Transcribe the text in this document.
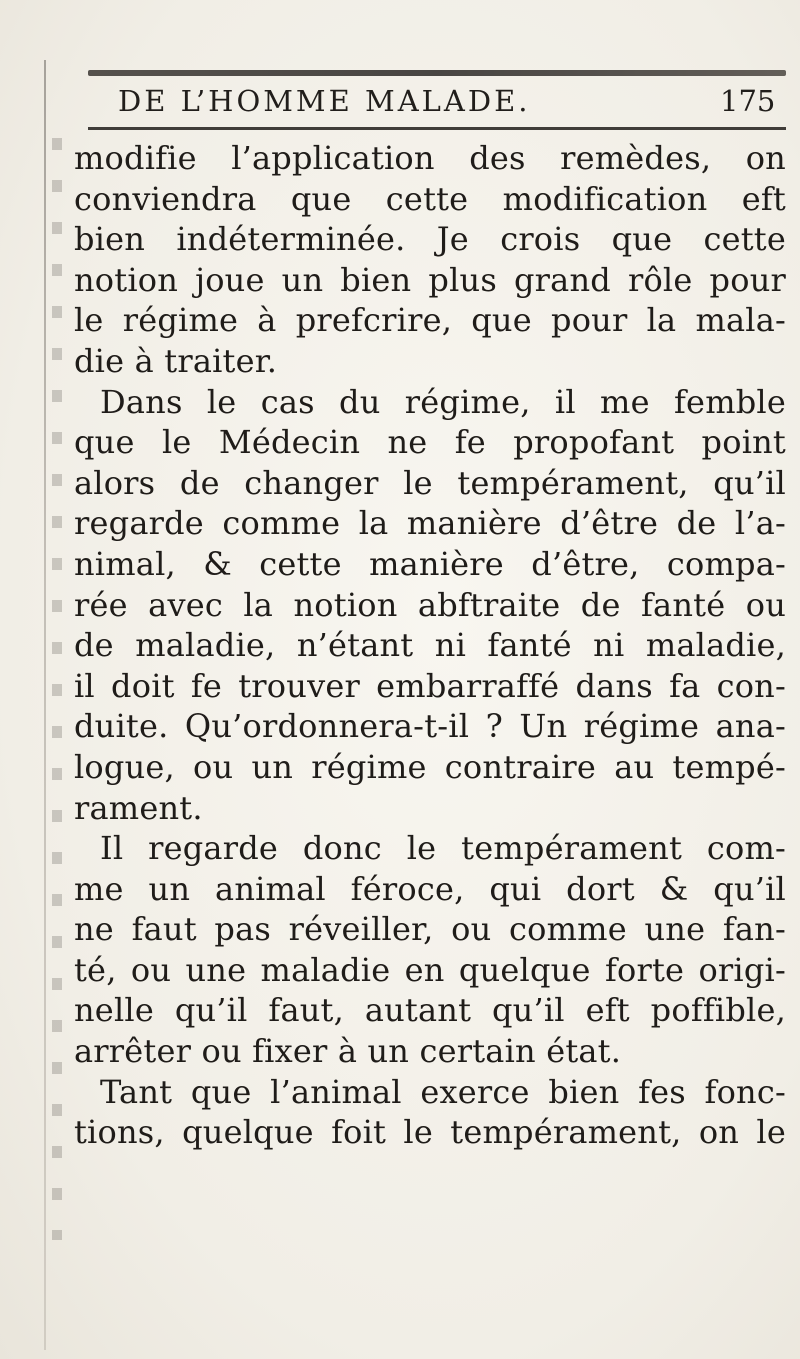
DE L’HOMME MALADE.	175
modifie l’application des remèdes, on
conviendra que cette modification eft
bien indéterminée. Je crois que cette
notion joue un bien plus grand rôle pour
le régime à prefcrire, que pour la mala-
die à traiter.
Dans le cas du régime, il me femble
que le Médecin ne fe propofant point
alors de changer le tempérament, qu’il
regarde comme la manière d’être de l’a-
nimal, & cette manière d’être, compa-
rée avec la notion abftraite de fanté ou
de maladie, n’étant ni fanté ni maladie,
il doit fe trouver embarraffé dans fa con-
duite. Qu’ordonnera-t-il ? Un régime ana-
logue, ou un régime contraire au tempé-
rament.
Il regarde donc le tempérament com-
me un animal féroce, qui dort & qu’il
ne faut pas réveiller, ou comme une fan-
té, ou une maladie en quelque forte origi-
nelle qu’il faut, autant qu’il eft poffible,
arrêter ou fixer à un certain état.
Tant que l’animal exerce bien fes fonc-
tions, quelque foit le tempérament, on le
